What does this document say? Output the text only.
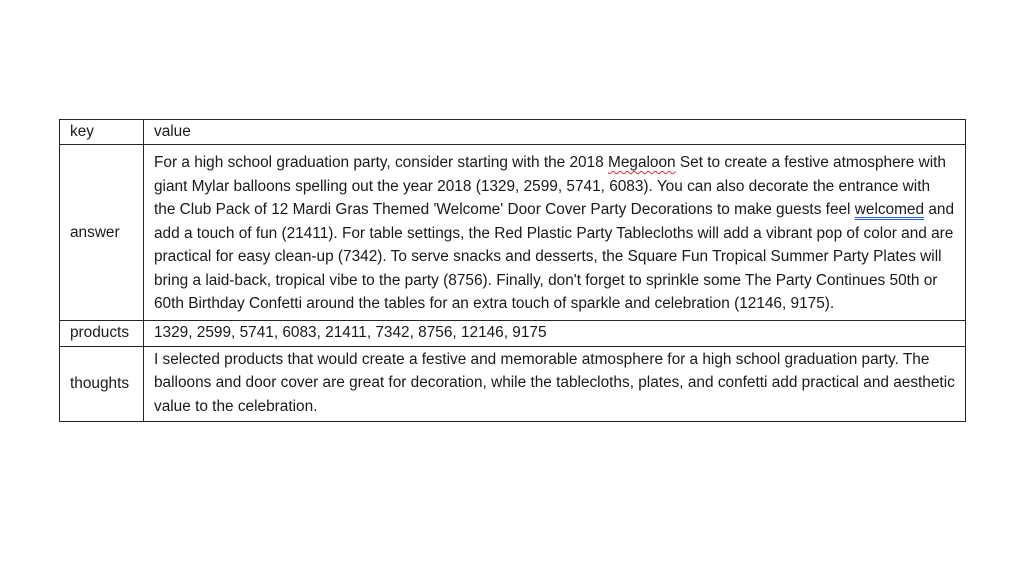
key	value
answer	For a high school graduation party, consider starting with the 2018 Megaloon Set to create a festive atmosphere with giant Mylar balloons spelling out the year 2018 (1329, 2599, 5741, 6083). You can also decorate the entrance with the Club Pack of 12 Mardi Gras Themed 'Welcome' Door Cover Party Decorations to make guests feel welcomed and add a touch of fun (21411). For table settings, the Red Plastic Party Tablecloths will add a vibrant pop of color and are practical for easy clean-up (7342). To serve snacks and desserts, the Square Fun Tropical Summer Party Plates will bring a laid-back, tropical vibe to the party (8756). Finally, don't forget to sprinkle some The Party Continues 50th or 60th Birthday Confetti around the tables for an extra touch of sparkle and celebration (12146, 9175).
products	1329, 2599, 5741, 6083, 21411, 7342, 8756, 12146, 9175
thoughts	I selected products that would create a festive and memorable atmosphere for a high school graduation party. The balloons and door cover are great for decoration, while the tablecloths, plates, and confetti add practical and aesthetic value to the celebration.
